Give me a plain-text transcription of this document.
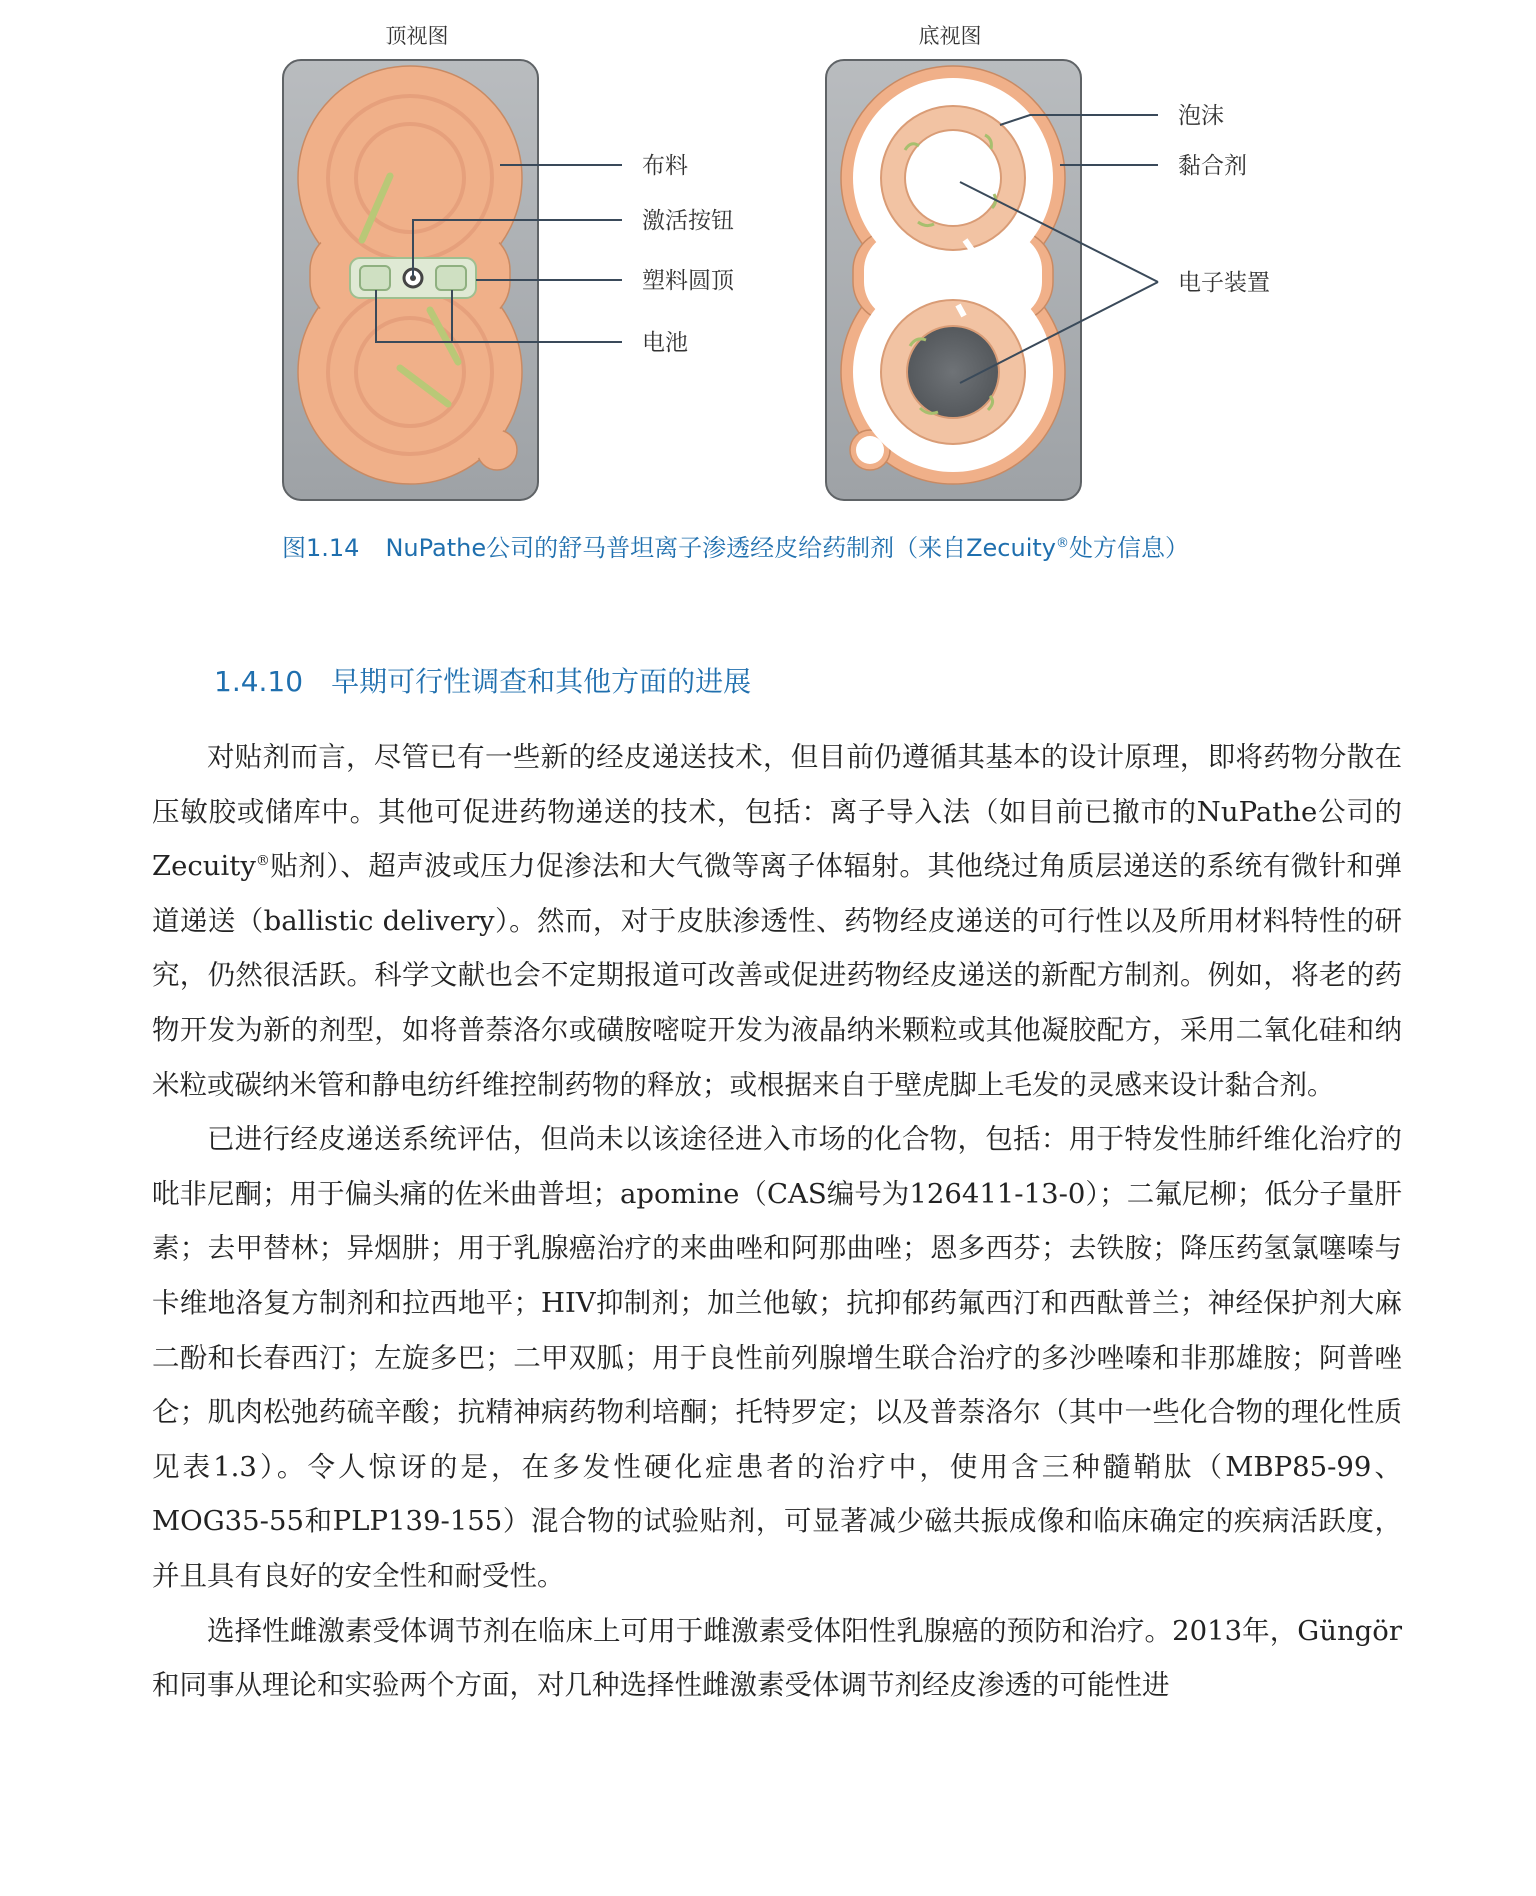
顶视图	底视图
布料
激活按钮
塑料圆顶
电池
泡沫
黏合剂
电子装置
图1.14 NuPathe公司的舒马普坦离子渗透经皮给药制剂（来自Zecuity®处方信息）
1.4.10 早期可行性调查和其他方面的进展

对贴剂而言，尽管已有一些新的经皮递送技术，但目前仍遵循其基本的设计原理，即将药物分散在压敏胶或储库中。其他可促进药物递送的技术，包括：离子导入法（如目前已撤市的NuPathe公司的Zecuity®贴剂）、超声波或压力促渗法和大气微等离子体辐射。其他绕过角质层递送的系统有微针和弹道递送（ballistic delivery）。然而，对于皮肤渗透性、药物经皮递送的可行性以及所用材料特性的研究，仍然很活跃。科学文献也会不定期报道可改善或促进药物经皮递送的新配方制剂。例如，将老的药物开发为新的剂型，如将普萘洛尔或磺胺嘧啶开发为液晶纳米颗粒或其他凝胶配方，采用二氧化硅和纳米粒或碳纳米管和静电纺纤维控制药物的释放；或根据来自于壁虎脚上毛发的灵感来设计黏合剂。

已进行经皮递送系统评估，但尚未以该途径进入市场的化合物，包括：用于特发性肺纤维化治疗的吡非尼酮；用于偏头痛的佐米曲普坦；apomine（CAS编号为126411-13-0）；二氟尼柳；低分子量肝素；去甲替林；异烟肼；用于乳腺癌治疗的来曲唑和阿那曲唑；恩多西芬；去铁胺；降压药氢氯噻嗪与卡维地洛复方制剂和拉西地平；HIV抑制剂；加兰他敏；抗抑郁药氟西汀和西酞普兰；神经保护剂大麻二酚和长春西汀；左旋多巴；二甲双胍；用于良性前列腺增生联合治疗的多沙唑嗪和非那雄胺；阿普唑仑；肌肉松弛药硫辛酸；抗精神病药物利培酮；托特罗定；以及普萘洛尔（其中一些化合物的理化性质见表1.3）。令人惊讶的是，在多发性硬化症患者的治疗中，使用含三种髓鞘肽（MBP85-99、MOG35-55和PLP139-155）混合物的试验贴剂，可显著减少磁共振成像和临床确定的疾病活跃度，并且具有良好的安全性和耐受性。

选择性雌激素受体调节剂在临床上可用于雌激素受体阳性乳腺癌的预防和治疗。2013年，Güngör和同事从理论和实验两个方面，对几种选择性雌激素受体调节剂经皮渗透的可能性进
